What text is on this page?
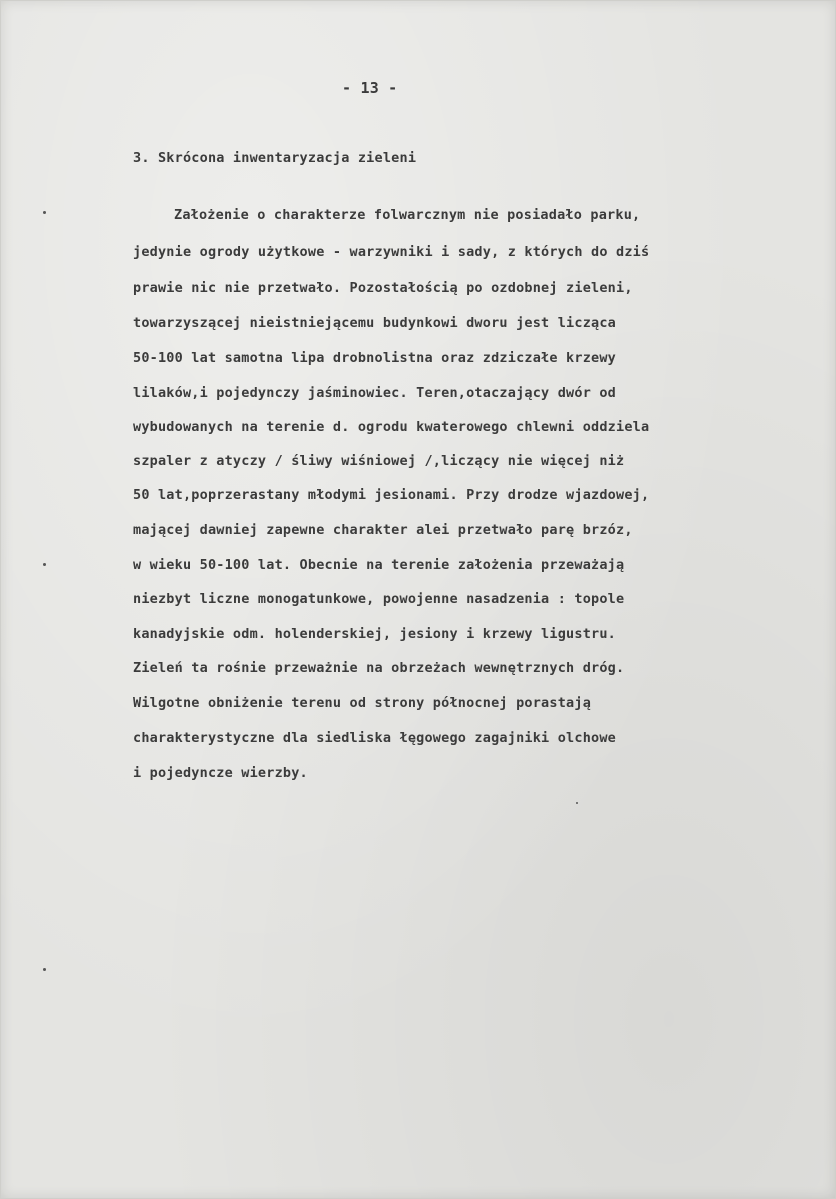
- 13 -
3. Skrócona inwentaryzacja zieleni
Założenie o charakterze folwarcznym nie posiadało parku,
jedynie ogrody użytkowe - warzywniki i sady, z których do dziś
prawie nic nie przetwało. Pozostałością po ozdobnej zieleni,
towarzyszącej nieistniejącemu budynkowi dworu jest licząca
50-100 lat samotna lipa drobnolistna oraz zdziczałe krzewy
lilaków,i pojedynczy jaśminowiec. Teren,otaczający dwór od
wybudowanych na terenie d. ogrodu kwaterowego chlewni oddziela
szpaler z atyczy / śliwy wiśniowej /,liczący nie więcej niż
50 lat,poprzerastany młodymi jesionami. Przy drodze wjazdowej,
mającej dawniej zapewne charakter alei przetwało parę brzóz,
w wieku 50-100 lat. Obecnie na terenie założenia przeważają
niezbyt liczne monogatunkowe, powojenne nasadzenia : topole
kanadyjskie odm. holenderskiej, jesiony i krzewy ligustru.
Zieleń ta rośnie przeważnie na obrzeżach wewnętrznych dróg.
Wilgotne obniżenie terenu od strony północnej porastają
charakterystyczne dla siedliska łęgowego zagajniki olchowe
i pojedyncze wierzby.
